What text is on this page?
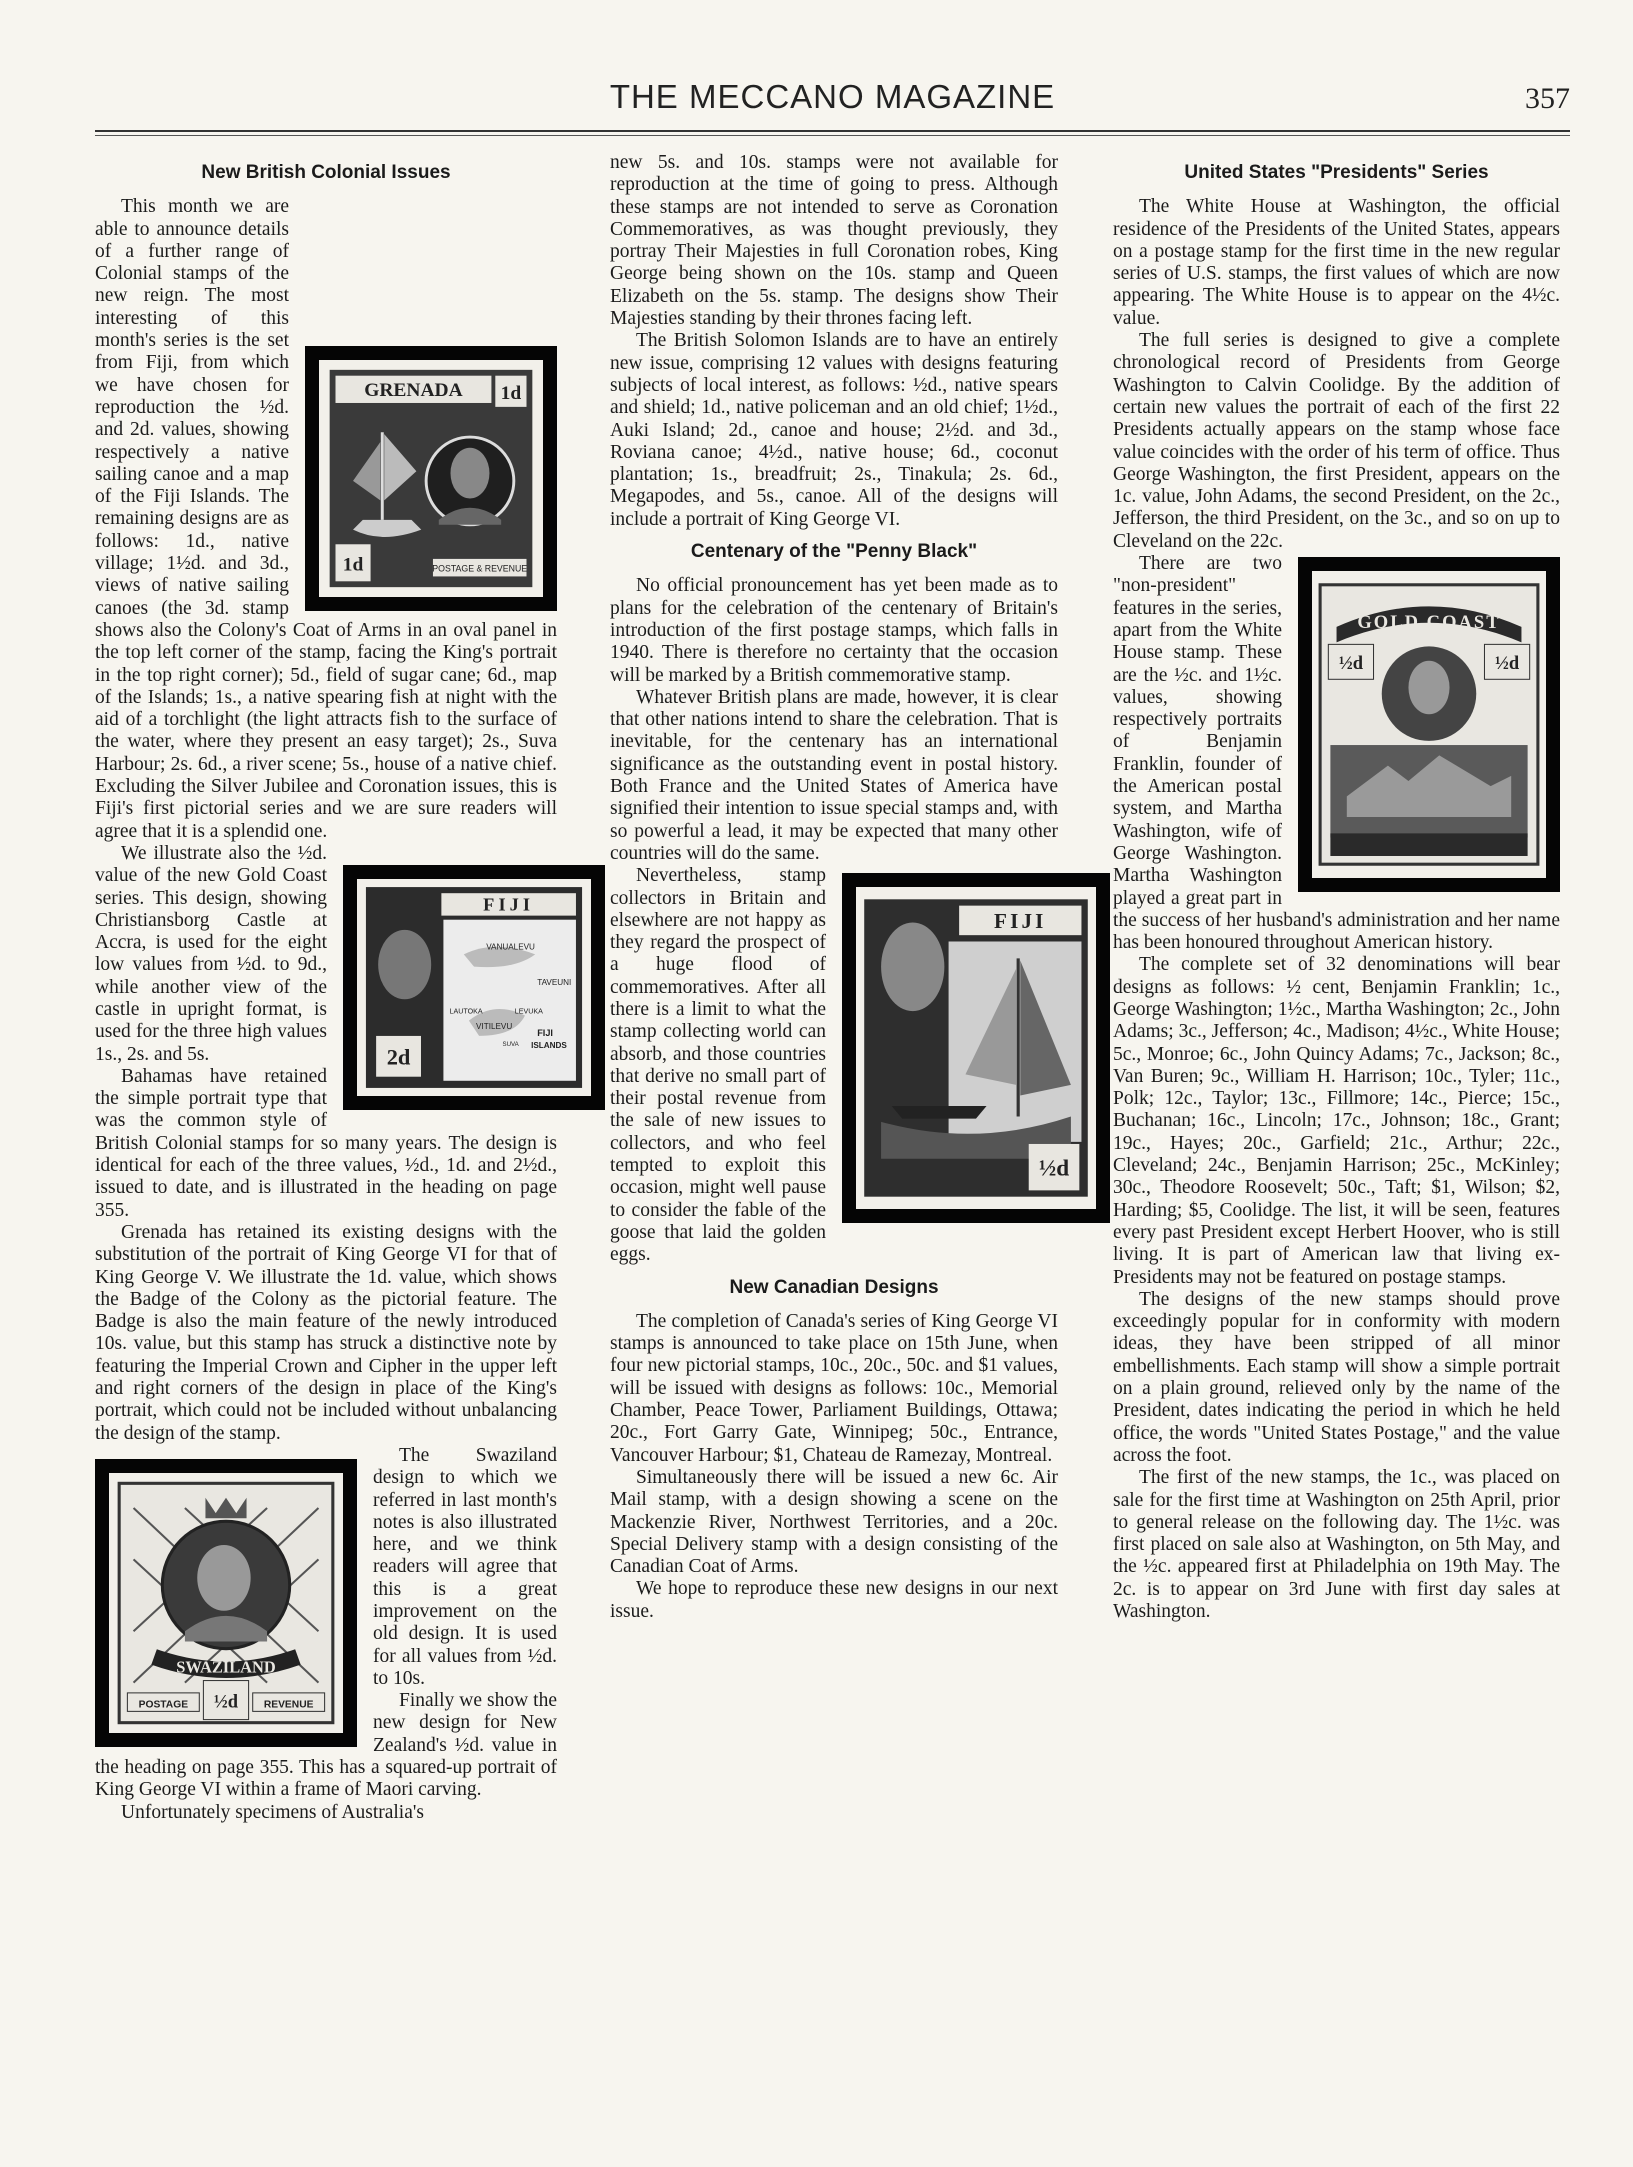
THE MECCANO MAGAZINE	357
New British Colonial Issues
GRENADA 1d
1d	POSTAGE & REVENUE

This month we are able to announce details of a further range of Colonial stamps of the new reign. The most interesting of this month's series is the set from Fiji, from which we have chosen for reproduction the ½d. and 2d. values, showing respectively a native sailing canoe and a map of the Fiji Islands. The remaining designs are as follows: 1d., native village; 1½d. and 3d., views of native sailing canoes (the 3d. stamp shows also the Colony's Coat of Arms in an oval panel in the top left corner of the stamp, facing the King's portrait in the top right corner); 5d., field of sugar cane; 6d., map of the Islands; 1s., a native spearing fish at night with the aid of a torchlight (the light attracts fish to the surface of the water, where they present an easy target); 2s., Suva Harbour; 2s. 6d., a river scene; 5s., house of a native chief. Excluding the Silver Jubilee and Coronation issues, this is Fiji's first pictorial series and we are sure readers will agree that it is a splendid one.

FIJI
VANUALEVU
TAVEUNI
LAUTOKA
VITILEVU
LEVUKA
FIJI
ISLANDS
SUVA
2d

We illustrate also the ½d. value of the new Gold Coast series. This design, showing Christiansborg Castle at Accra, is used for the eight low values from ½d. to 9d., while another view of the castle in upright format, is used for the three high values 1s., 2s. and 5s.

Bahamas have retained the simple portrait type that was the common style of British Colonial stamps for so many years. The design is identical for each of the three values, ½d., 1d. and 2½d., issued to date, and is illustrated in the heading on page 355.

Grenada has retained its existing designs with the substitution of the portrait of King George VI for that of King George V. We illustrate the 1d. value, which shows the Badge of the Colony as the pictorial feature. The Badge is also the main feature of the newly introduced 10s. value, but this stamp has struck a distinctive note by featuring the Imperial Crown and Cipher in the upper left and right corners of the design in place of the King's portrait, which could not be included without unbalancing the design of the stamp.

SWAZILAND
POSTAGE ½d	REVENUE

The Swaziland design to which we referred in last month's notes is also illustrated here, and we think readers will agree that this is a great improvement on the old design. It is used for all values from ½d. to 10s.

Finally we show the new design for New Zealand's ½d. value in the heading on page 355. This has a squared-up portrait of King George VI within a frame of Maori carving.

Unfortunately specimens of Australia's

new 5s. and 10s. stamps were not available for reproduction at the time of going to press. Although these stamps are not intended to serve as Coronation Commemoratives, as was thought previously, they portray Their Majesties in full Coronation robes, King George being shown on the 10s. stamp and Queen Elizabeth on the 5s. stamp. The designs show Their Majesties standing by their thrones facing left.

The British Solomon Islands are to have an entirely new issue, comprising 12 values with designs featuring subjects of local interest, as follows: ½d., native spears and shield; 1d., native policeman and an old chief; 1½d., Auki Island; 2d., canoe and house; 2½d. and 3d., Roviana canoe; 4½d., native house; 6d., coconut plantation; 1s., breadfruit; 2s., Tinakula; 2s. 6d., Megapodes, and 5s., canoe. All of the designs will include a portrait of King George VI.

Centenary of the "Penny Black"

No official pronouncement has yet been made as to plans for the celebration of the centenary of Britain's introduction of the first postage stamps, which falls in 1940. There is therefore no certainty that the occasion will be marked by a British commemorative stamp.

Whatever British plans are made, however, it is clear that other nations intend to share the celebration. That is inevitable, for the centenary has an international significance as the outstanding event in postal history. Both France and the United States of America have signified their intention to issue special stamps and, with so powerful a lead, it may be expected that many other countries will do the same.

FIJI
½d

Nevertheless, stamp collectors in Britain and elsewhere are not happy as they regard the prospect of a huge flood of commemoratives. After all there is a limit to what the stamp collecting world can absorb, and those countries that derive no small part of their postal revenue from the sale of new issues to collectors, and who feel tempted to exploit this occasion, might well pause to consider the fable of the goose that laid the golden eggs.

New Canadian Designs

The completion of Canada's series of King George VI stamps is announced to take place on 15th June, when four new pictorial stamps, 10c., 20c., 50c. and $1 values, will be issued with designs as follows: 10c., Memorial Chamber, Peace Tower, Parliament Buildings, Ottawa; 20c., Fort Garry Gate, Winnipeg; 50c., Entrance, Vancouver Harbour; $1, Chateau de Ramezay, Montreal.

Simultaneously there will be issued a new 6c. Air Mail stamp, with a design showing a scene on the Mackenzie River, Northwest Territories, and a 20c. Special Delivery stamp with a design consisting of the Canadian Coat of Arms.

We hope to reproduce these new designs in our next issue.

United States "Presidents" Series

The White House at Washington, the official residence of the Presidents of the United States, appears on a postage stamp for the first time in the new regular series of U.S. stamps, the first values of which are now appearing. The White House is to appear on the 4½c. value.

The full series is designed to give a complete chronological record of Presidents from George Washington to Calvin Coolidge. By the addition of certain new values the portrait of each of the first 22 Presidents actually appears on the stamp whose face value coincides with the order of his term of office. Thus George Washington, the first President, appears on the 1c. value, John Adams, the second President, on the 2c., Jefferson, the third President, on the 3c., and so on up to Cleveland on the 22c.

GOLD COAST
½d	½d

There are two "non-president" features in the series, apart from the White House stamp. These are the ½c. and 1½c. values, showing respectively portraits of Benjamin Franklin, founder of the American postal system, and Martha Washington, wife of George Washington. Martha Washington played a great part in the success of her husband's administration and her name has been honoured throughout American history.

The complete set of 32 denominations will bear designs as follows: ½ cent, Benjamin Franklin; 1c., George Washington; 1½c., Martha Washington; 2c., John Adams; 3c., Jefferson; 4c., Madison; 4½c., White House; 5c., Monroe; 6c., John Quincy Adams; 7c., Jackson; 8c., Van Buren; 9c., William H. Harrison; 10c., Tyler; 11c., Polk; 12c., Taylor; 13c., Fillmore; 14c., Pierce; 15c., Buchanan; 16c., Lincoln; 17c., Johnson; 18c., Grant; 19c., Hayes; 20c., Garfield; 21c., Arthur; 22c., Cleveland; 24c., Benjamin Harrison; 25c., McKinley; 30c., Theodore Roosevelt; 50c., Taft; $1, Wilson; $2, Harding; $5, Coolidge. The list, it will be seen, features every past President except Herbert Hoover, who is still living. It is part of American law that living ex-Presidents may not be featured on postage stamps.

The designs of the new stamps should prove exceedingly popular for in conformity with modern ideas, they have been stripped of all minor embellishments. Each stamp will show a simple portrait on a plain ground, relieved only by the name of the President, dates indicating the period in which he held office, the words "United States Postage," and the value across the foot.

The first of the new stamps, the 1c., was placed on sale for the first time at Washington on 25th April, prior to general release on the following day. The 1½c. was first placed on sale also at Washington, on 5th May, and the ½c. appeared first at Philadelphia on 19th May. The 2c. is to appear on 3rd June with first day sales at Washington.
